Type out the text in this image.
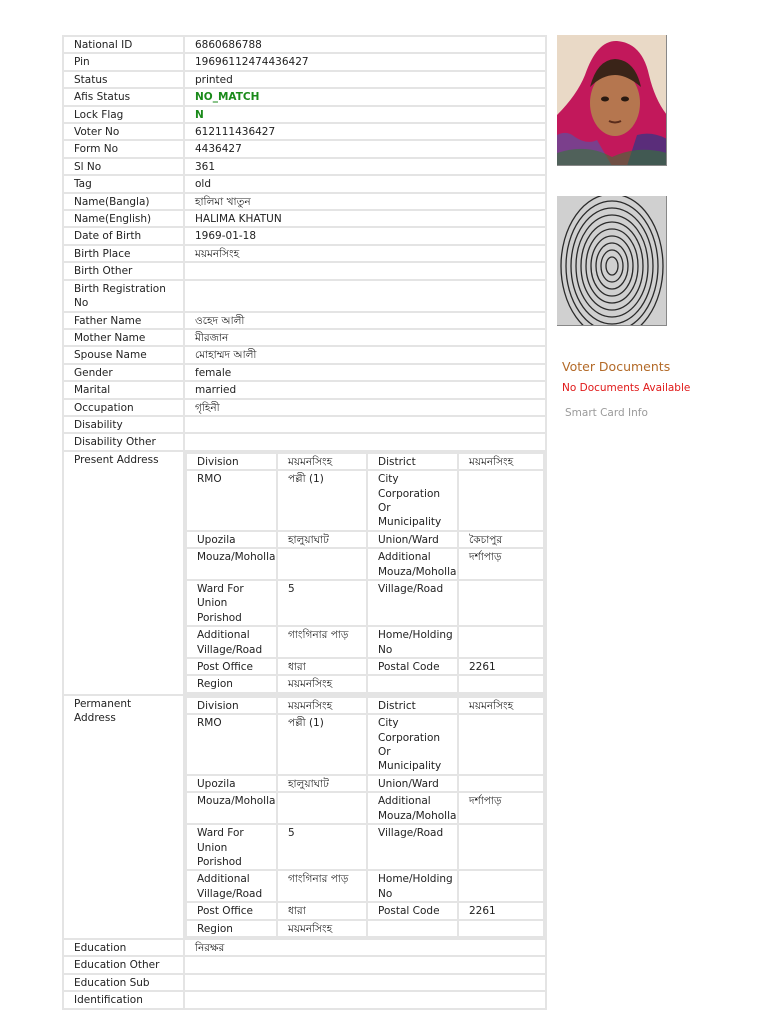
National ID	6860686788
Pin	19696112474436427
Status	printed
Afis Status	NO_MATCH
Lock Flag	N
Voter No	612111436427
Form No	4436427
Sl No	361
Tag	old
Name(Bangla)	হালিমা খাতুন
Name(English)	HALIMA KHATUN
Date of Birth	1969-01-18
Birth Place	ময়মনসিংহ
Birth Other	
Birth Registration No	
Father Name	ওহেদ আলী
Mother Name	মীরজান
Spouse Name	মোহাম্মদ আলী
Gender	female
Marital	married
Occupation	গৃহিনী
Disability	
Disability Other	
Present Address		Division	ময়মনসিংহ	District	ময়মনসিংহ
RMO	পল্লী (1)	City Corporation Or Municipality	
Upozila	হালুয়াঘাট	Union/Ward	কৈচাপুর
Mouza/Moholla		Additional Mouza/Moholla	দর্শাপাড়
Ward For Union Porishod	5	Village/Road	
Additional Village/Road	গাংগিনার পাড়	Home/Holding No	
Post Office	ধারা	Postal Code	2261
Region	ময়মনসিংহ		

Permanent Address	
Division	ময়মনসিংহ	District	ময়মনসিংহ
RMO	পল্লী (1)	City Corporation Or Municipality	
Upozila	হালুয়াঘাট	Union/Ward	
Mouza/Moholla		Additional Mouza/Moholla	দর্শাপাড়
Ward For Union Porishod	5	Village/Road	
Additional Village/Road	গাংগিনার পাড়	Home/Holding No	
Post Office	ধারা	Postal Code	2261
Region	ময়মনসিংহ		

Education	নিরক্ষর
Education Other	
Education Sub	
Identification	
Voter Documents
No Documents Available
Smart Card Info
